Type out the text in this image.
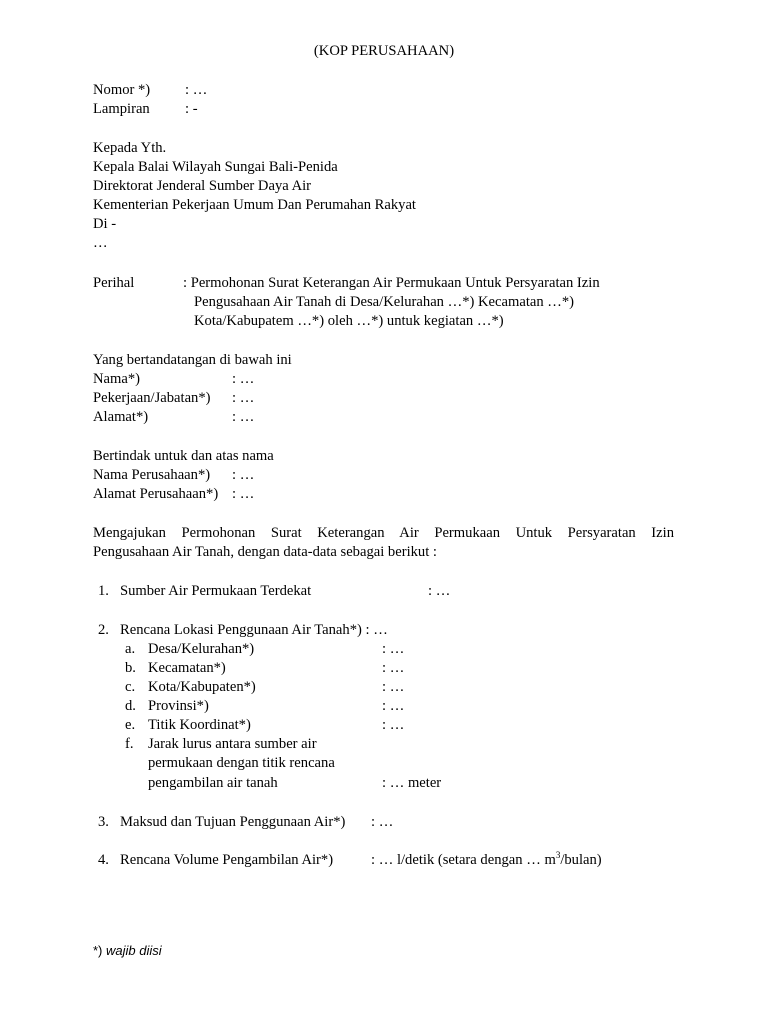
(KOP PERUSAHAAN)
Nomor *) : …
Lampiran : -
Kepada Yth.
Kepala Balai Wilayah Sungai Bali-Penida
Direktorat Jenderal Sumber Daya Air
Kementerian Pekerjaan Umum Dan Perumahan Rakyat
Di -
…
Perihal	: Permohonan Surat Keterangan Air Permukaan Untuk Persyaratan Izin
Pengusahaan Air Tanah di Desa/Kelurahan …*) Kecamatan …*)
Kota/Kabupatem …*) oleh …*) untuk kegiatan …*)
Yang bertandatangan di bawah ini
Nama*)	: …
Pekerjaan/Jabatan*) : …
Alamat*)	: …
Bertindak untuk dan atas nama
Nama Perusahaan*) : …
Alamat Perusahaan*) : …
Mengajukan Permohonan Surat Keterangan Air Permukaan Untuk Persyaratan Izin
Pengusahaan Air Tanah, dengan data-data sebagai berikut :
1. Sumber Air Permukaan Terdekat	: …
2. Rencana Lokasi Penggunaan Air Tanah*) : …
a. Desa/Kelurahan*)	: …
b. Kecamatan*)	: …
c. Kota/Kabupaten*)	: …
d. Provinsi*)	: …
e. Titik Koordinat*)	: …
f. Jarak lurus antara sumber air
permukaan dengan titik rencana
pengambilan air tanah	: … meter
3. Maksud dan Tujuan Penggunaan Air*) : …
4. Rencana Volume Pengambilan Air*)	: … l/detik (setara dengan … $m^3/bulan$)
*) wajib diisi
